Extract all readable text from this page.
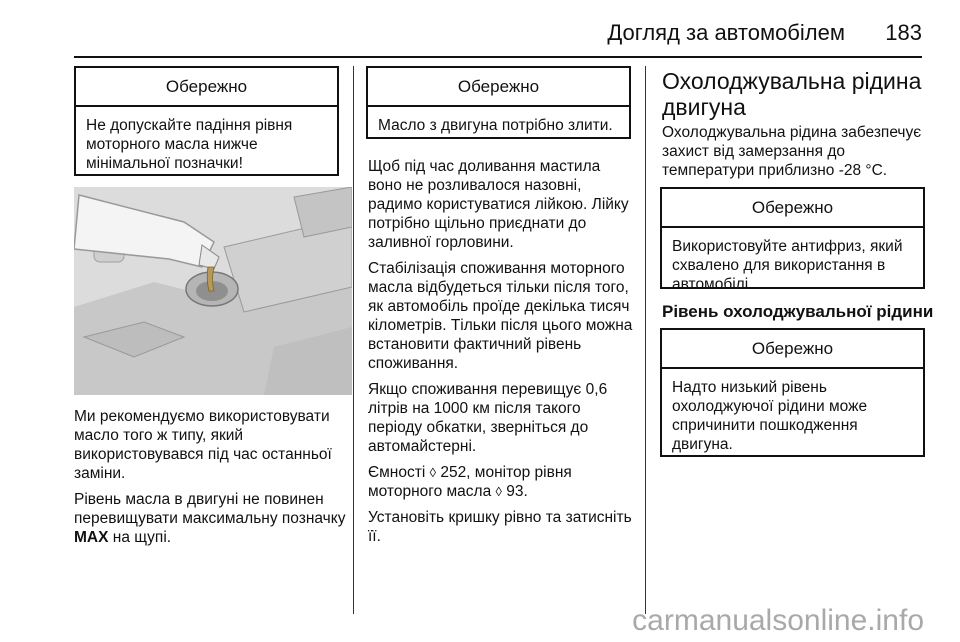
Догляд за автомобілем 183
Обережно
Не допускайте падіння рівня моторного масла нижче мінімальної позначки!

Ми рекомендуємо використовувати масло того ж типу, який використовувався під час останньої заміни.

Рівень масла в двигуні не повинен перевищувати максимальну позначку MAX на щупі.

Обережно
Масло з двигуна потрібно злити.

Щоб під час доливання мастила воно не розливалося назовні, радимо користуватися лійкою. Лійку потрібно щільно приєднати до заливної горловини.

Стабілізація споживання моторного масла відбудеться тільки після того, як автомобіль проїде декілька тисяч кілометрів. Тільки після цього можна встановити фактичний рівень споживання.

Якщо споживання перевищує 0,6 літрів на 1000 км після такого періоду обкатки, зверніться до автомайстерні.

Ємності ◊ 252, монітор рівня моторного масла ◊ 93.

Установіть кришку рівно та затисніть її.

Охолоджувальна рідина двигуна
Охолоджувальна рідина забезпечує захист від замерзання до температури приблизно -28 °C.
Обережно
Використовуйте антифриз, який схвалено для використання в автомобілі.
Рівень охолоджувальної рідини
Обережно
Надто низький рівень охолоджуючої рідини може спричинити пошкодження двигуна.
carmanualsonline.info
